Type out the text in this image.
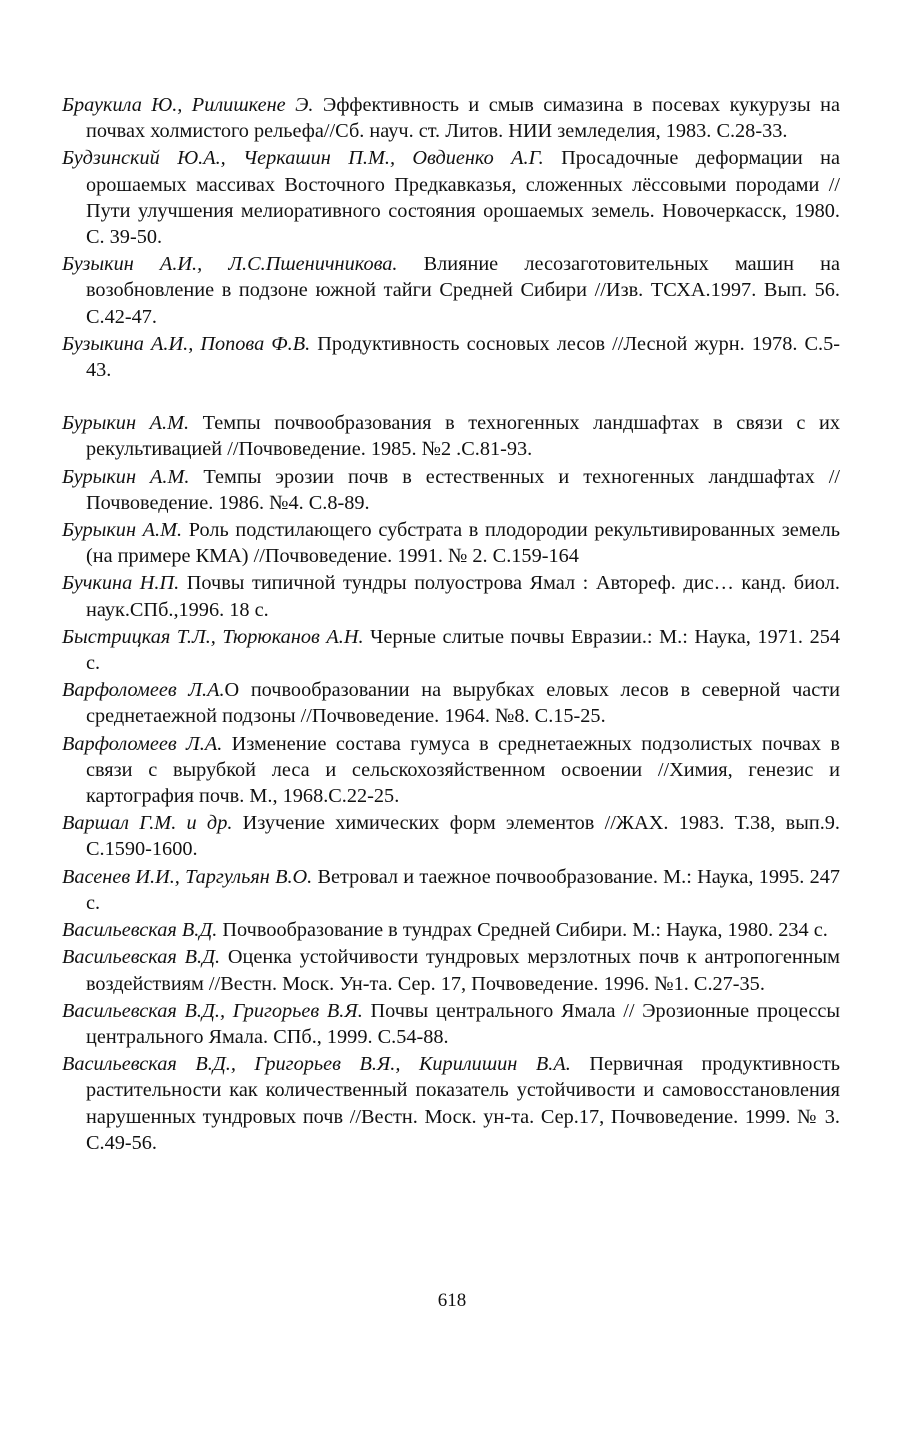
Браукила Ю., Рилишкене Э. Эффективность и смыв симазина в посевах кукурузы на почвах холмистого рельефа//Сб. науч. ст. Литов. НИИ земледелия, 1983. С.28-33.

Будзинский Ю.А., Черкашин П.М., Овдиенко А.Г. Просадочные деформации на орошаемых массивах Восточного Предкавказья, сложенных лёссовыми породами // Пути улучшения мелиоративного состояния орошаемых земель. Новочеркасск, 1980. С. 39-50.

Бузыкин А.И., Л.С.Пшеничникова. Влияние лесозаготовительных машин на возобновление в подзоне южной тайги Средней Сибири //Изв. ТСХА.1997. Вып. 56. С.42-47.

Бузыкина А.И., Попова Ф.В. Продуктивность сосновых лесов //Лесной журн. 1978. С.5-43.

Бурыкин А.М. Темпы почвообразования в техногенных ландшафтах в связи с их рекультивацией //Почвоведение. 1985. №2 .С.81-93.

Бурыкин А.М. Темпы эрозии почв в естественных и техногенных ландшафтах //Почвоведение. 1986. №4. С.8-89.

Бурыкин А.М. Роль подстилающего субстрата в плодородии рекультивированных земель (на примере КМА) //Почвоведение. 1991. № 2. С.159-164

Бучкина Н.П. Почвы типичной тундры полуострова Ямал : Автореф. дис… канд. биол. наук.СПб.,1996. 18 с.

Быстрицкая Т.Л., Тюрюканов А.Н. Черные слитые почвы Евразии.: М.: Наука, 1971. 254 с.

Варфоломеев Л.А.О почвообразовании на вырубках еловых лесов в северной части среднетаежной подзоны //Почвоведение. 1964. №8. С.15-25.

Варфоломеев Л.А. Изменение состава гумуса в среднетаежных подзолистых почвах в связи с вырубкой леса и сельскохозяйственном освоении //Химия, генезис и картография почв. М., 1968.С.22-25.

Варшал Г.М. и др. Изучение химических форм элементов //ЖАХ. 1983. Т.38, вып.9. С.1590-1600.

Васенев И.И., Таргульян В.О. Ветровал и таежное почвообразование. М.: Наука, 1995. 247 с.

Васильевская В.Д. Почвообразование в тундрах Средней Сибири. М.: Наука, 1980. 234 с.

Васильевская В.Д. Оценка устойчивости тундровых мерзлотных почв к антропогенным воздействиям //Вестн. Моск. Ун-та. Сер. 17, Почвоведение. 1996. №1. С.27-35.

Васильевская В.Д., Григорьев В.Я. Почвы центрального Ямала // Эрозионные процессы центрального Ямала. СПб., 1999. С.54-88.

Васильевская В.Д., Григорьев В.Я., Кирилишин В.А. Первичная продуктивность растительности как количественный показатель устойчивости и самовосстановления нарушенных тундровых почв //Вестн. Моск. ун-та. Сер.17, Почвоведение. 1999. № 3. С.49-56.

618
